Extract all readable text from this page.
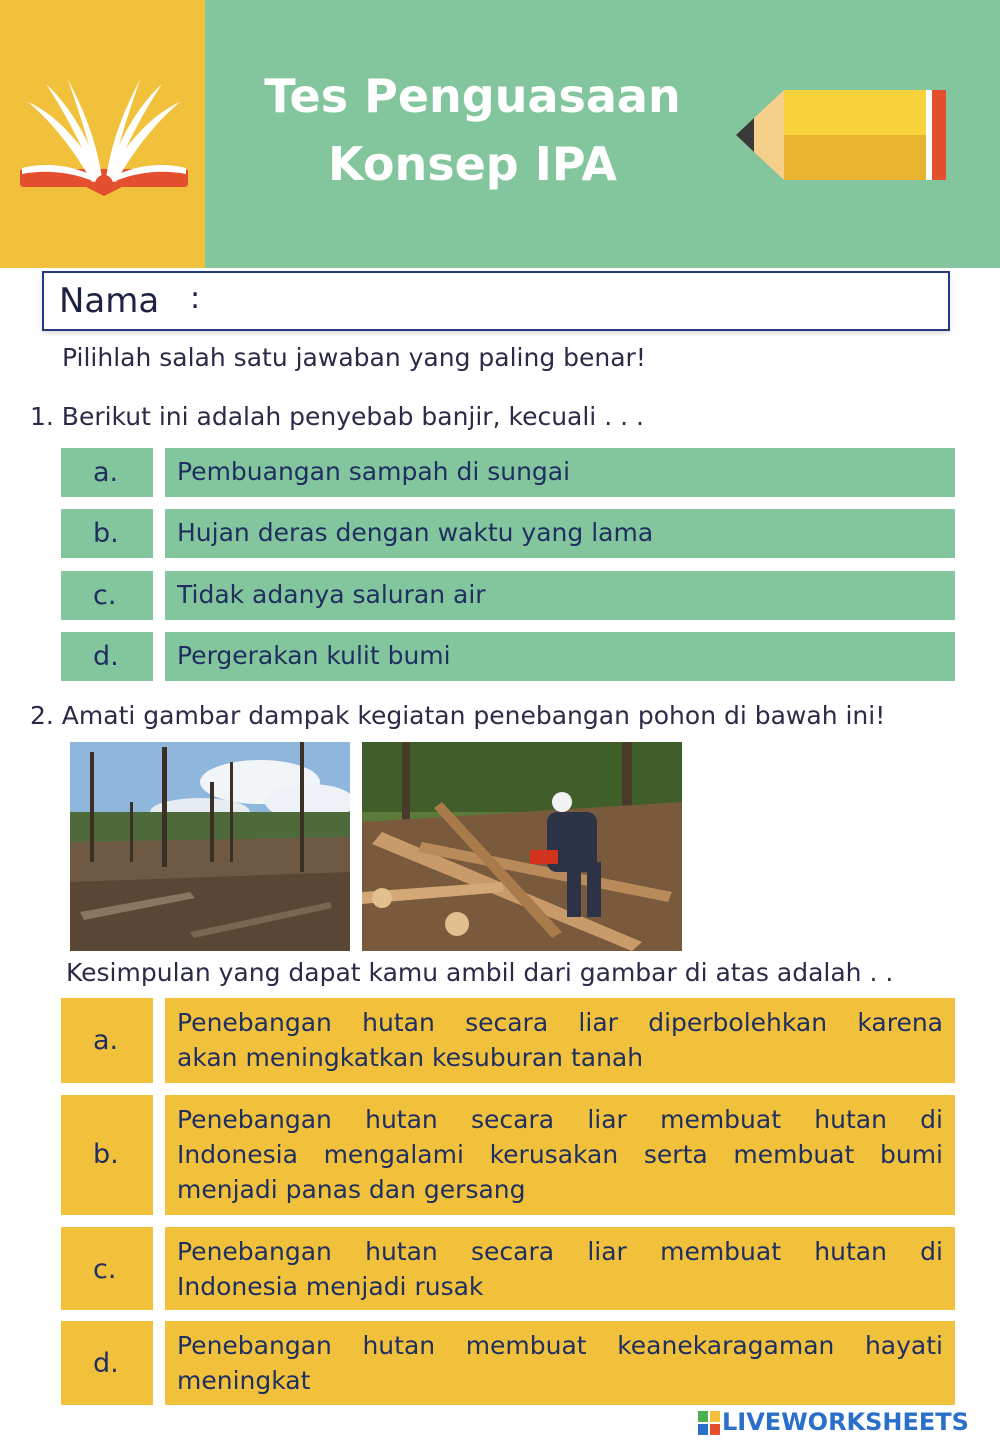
Tes Penguasaan
Konsep IPA
Nama :
Pilihlah salah satu jawaban yang paling benar!
1. Berikut ini adalah penyebab banjir, kecuali . . .
a. Pembuangan sampah di sungai
b. Hujan deras dengan waktu yang lama
c. Tidak adanya saluran air
d. Pergerakan kulit bumi
2. Amati gambar dampak kegiatan penebangan pohon di bawah ini!
Kesimpulan yang dapat kamu ambil dari gambar di atas adalah . .
a.
Penebangan hutan secara liar diperbolehkan karena
akan meningkatkan kesuburan tanah
b.
Penebangan hutan secara liar membuat hutan di
Indonesia mengalami kerusakan serta membuat bumi
menjadi panas dan gersang
c.
Penebangan hutan secara liar membuat hutan di
Indonesia menjadi rusak
d.
Penebangan hutan membuat keanekaragaman hayati
meningkat
LIVEWORKSHEETS
